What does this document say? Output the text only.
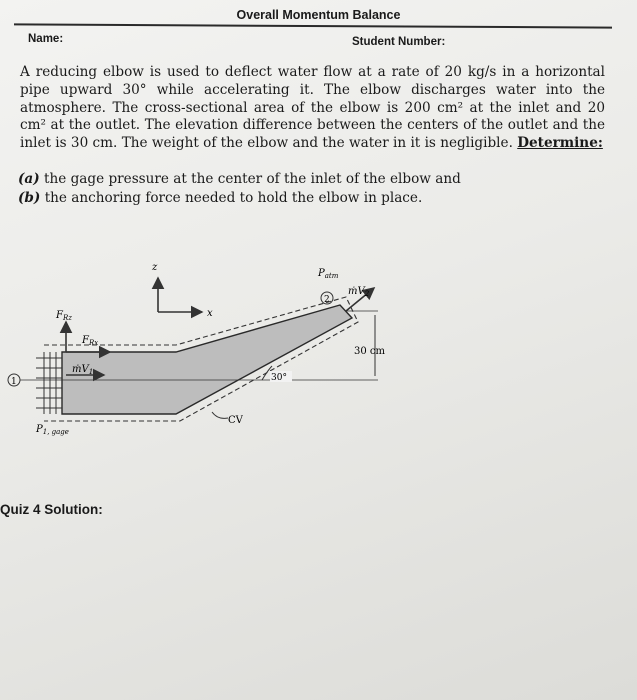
Overall Momentum Balance
Name:	Student Number:

A reducing elbow is used to deflect water flow at a rate of 20 kg/s in a horizontal pipe upward 30° while accelerating it. The elbow discharges water into the atmosphere. The cross-sectional area of the elbow is 200 cm² at the inlet and 20 cm² at the outlet. The elevation difference between the centers of the outlet and the inlet is 30 cm. The weight of the elbow and the water in it is negligible. Determine:

(a) the gage pressure at the center of the inlet of the elbow and
(b) the anchoring force needed to hold the elbow in place.
z
x
1
$F_{Rz}$
$F_{Rx}$
ṁV$_1$
$P_{1, gage}$
CV
30°
2
ṁV$_2$
$P_{atm}$
30 cm
Quiz 4 Solution:
